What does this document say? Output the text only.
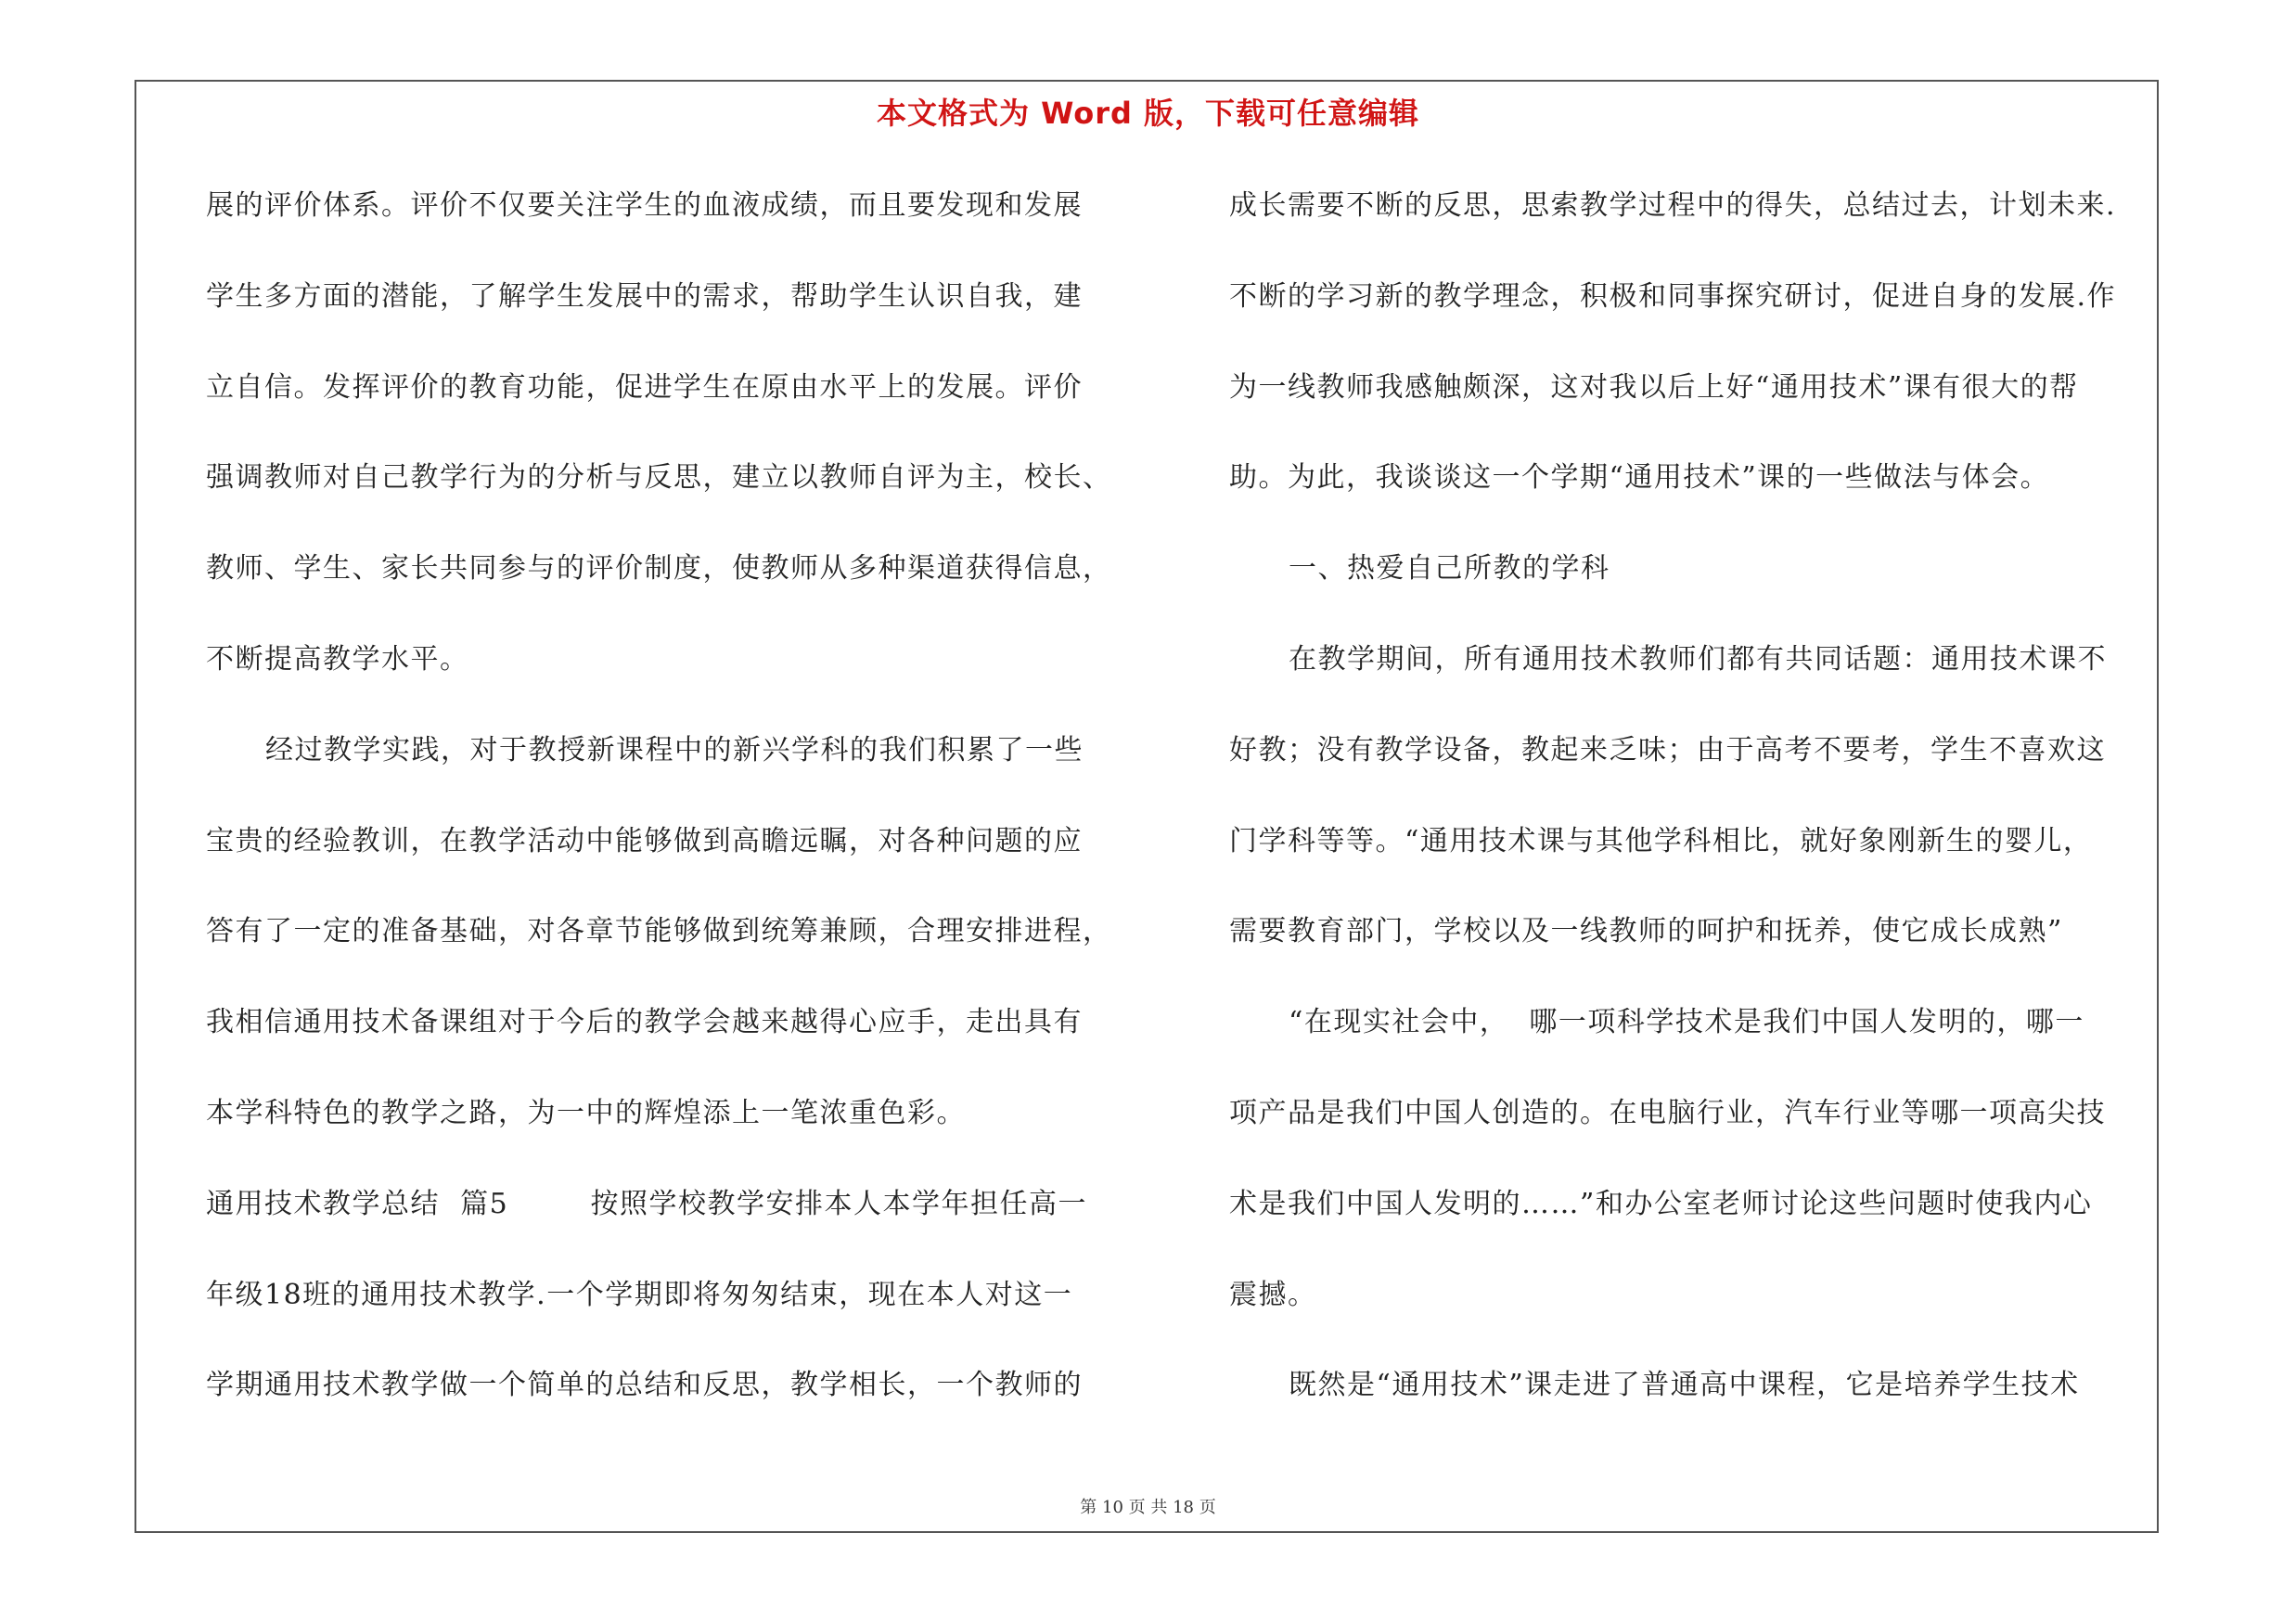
本文格式为 Word 版，下载可任意编辑
展的评价体系。评价不仅要关注学生的血液成绩，而且要发现和发展
学生多方面的潜能，了解学生发展中的需求，帮助学生认识自我，建
立自信。发挥评价的教育功能，促进学生在原由水平上的发展。评价
强调教师对自己教学行为的分析与反思，建立以教师自评为主，校长、
教师、学生、家长共同参与的评价制度，使教师从多种渠道获得信息，
不断提高教学水平。
经过教学实践，对于教授新课程中的新兴学科的我们积累了一些
宝贵的经验教训，在教学活动中能够做到高瞻远瞩，对各种问题的应
答有了一定的准备基础，对各章节能够做到统筹兼顾，合理安排进程，
我相信通用技术备课组对于今后的教学会越来越得心应手，走出具有
本学科特色的教学之路，为一中的辉煌添上一笔浓重色彩。
通用技术教学总结  篇5        按照学校教学安排本人本学年担任高一
年级18班的通用技术教学.一个学期即将匆匆结束，现在本人对这一
学期通用技术教学做一个简单的总结和反思，教学相长，一个教师的
成长需要不断的反思，思索教学过程中的得失，总结过去，计划未来.
不断的学习新的教学理念，积极和同事探究研讨，促进自身的发展.作
为一线教师我感触颇深，这对我以后上好“通用技术”课有很大的帮
助。为此，我谈谈这一个学期“通用技术”课的一些做法与体会。
一、热爱自己所教的学科
在教学期间，所有通用技术教师们都有共同话题：通用技术课不
好教；没有教学设备，教起来乏味；由于高考不要考，学生不喜欢这
门学科等等。“通用技术课与其他学科相比，就好象刚新生的婴儿，
需要教育部门，学校以及一线教师的呵护和抚养，使它成长成熟”
“在现实社会中，  哪一项科学技术是我们中国人发明的，哪一
项产品是我们中国人创造的。在电脑行业，汽车行业等哪一项高尖技
术是我们中国人发明的……”和办公室老师讨论这些问题时使我内心
震撼。
既然是“通用技术”课走进了普通高中课程，它是培养学生技术
第 10 页 共 18 页
